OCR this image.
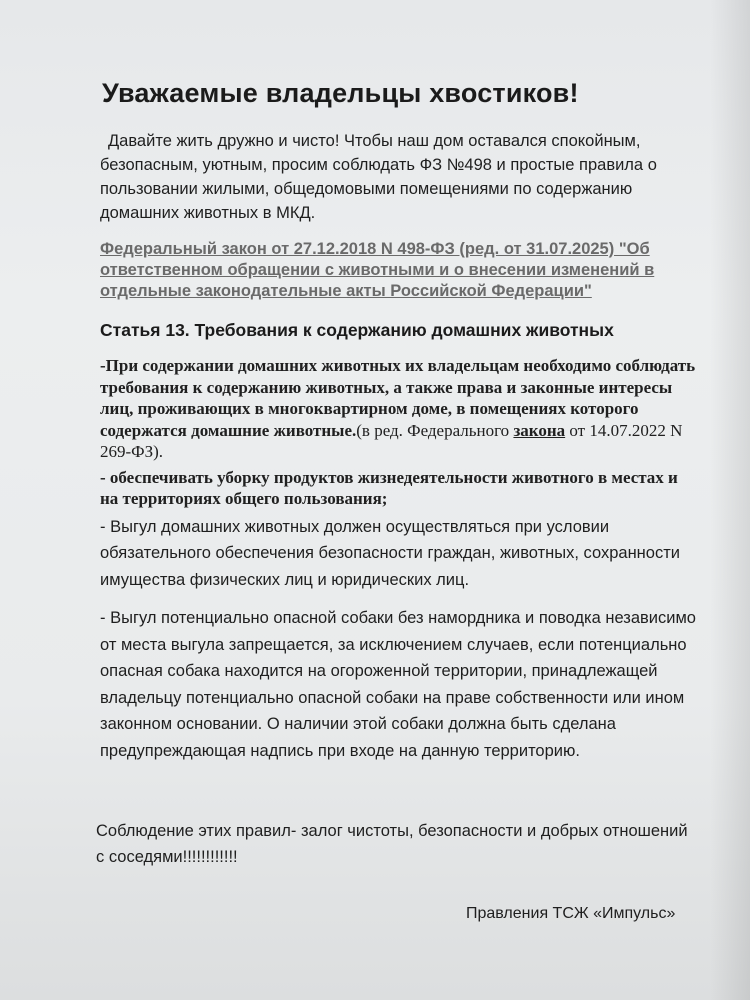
Уважаемые владельцы хвостиков!

Давайте жить дружно и чисто! Чтобы наш дом оставался спокойным, безопасным, уютным, просим соблюдать ФЗ №498 и простые правила о пользовании жилыми, общедомовыми помещениями по содержанию домашних животных в МКД.

Федеральный закон от 27.12.2018 N 498-ФЗ (ред. от 31.07.2025) "Об ответственном обращении с животными и о внесении изменений в отдельные законодательные акты Российской Федерации"
Статья 13. Требования к содержанию домашних животных
-При содержании домашних животных их владельцам необходимо соблюдать требования к содержанию животных, а также права и законные интересы лиц, проживающих в многоквартирном доме, в помещениях которого содержатся домашние животные.(в ред. Федерального закона от 14.07.2022 N 269-ФЗ).
- обеспечивать уборку продуктов жизнедеятельности животного в местах и на территориях общего пользования;

- Выгул домашних животных должен осуществляться при условии обязательного обеспечения безопасности граждан, животных, сохранности имущества физических лиц и юридических лиц.

- Выгул потенциально опасной собаки без намордника и поводка независимо от места выгула запрещается, за исключением случаев, если потенциально опасная собака находится на огороженной территории, принадлежащей владельцу потенциально опасной собаки на праве собственности или ином законном основании. О наличии этой собаки должна быть сделана предупреждающая надпись при входе на данную территорию.

Соблюдение этих правил- залог чистоты, безопасности и добрых отношений с соседями!!!!!!!!!!!!

Правления ТСЖ «Импульс»
